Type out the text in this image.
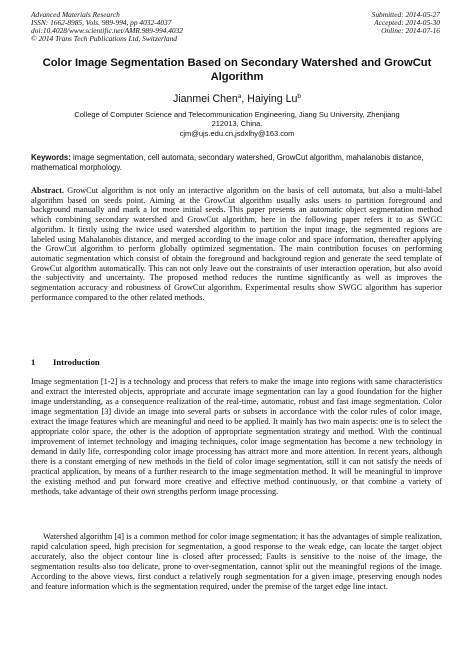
Advanced Materials Research
ISSN: 1662-8985, Vols. 989-994, pp 4032-4037
doi:10.4028/www.scientific.net/AMR.989-994.4032
© 2014 Trans Tech Publications Ltd, Switzerland
Submitted: 2014-05-27
Accepted: 2014-05-30
Online: 2014-07-16
Color Image Segmentation Based on Secondary Watershed and GrowCut Algorithm
Jianmei Chen$^a$, Haiying Lu$^b$
College of Computer Science and Telecommunication Engineering, Jiang Su University, Zhenjiang
212013, China.
cjm@ujs.edu.cn,jsdxlhy@163.com
Keywords: image segmentation, cell automata, secondary watershed, GrowCut algorithm, mahalanobis distance, mathematical morphology.
Abstract. GrowCut algorithm is not only an interactive algorithm on the basis of cell automata, but also a multi-label algorithm based on seeds point. Aiming at the GrowCut algorithm usually asks users to partition foreground and background manually and mark a lot more initial seeds. This paper presents an automatic object segmentation method which combining secondary watershed and GrowCut algorithm, here in the following paper refers it to as SWGC algorithm. It firstly using the twice used watershed algorithm to partition the input image, the segmented regions are labeled using Mahalanobis distance, and merged according to the image color and space information, thereafter applying the GrowCut algorithm to perform globally optimized segmentation. The main contribution focuses on performing automatic segmentation which consist of obtain the foreground and background region and generate the seed template of GrowCut algorithm automatically. This can not only leave out the constraints of user interaction operation, but also avoid the subjectivity and uncertainty. The proposed method reduces the runtime significantly as well as improves the segmentation accuracy and robustness of GrowCut algorithm. Experimental results show SWGC algorithm has superior performance compared to the other related methods.
1 Introduction
Image segmentation [1-2] is a technology and process that refers to make the image into regions with same characteristics and extract the interested objects, appropriate and accurate image segmentation can lay a good foundation for the higher image understanding, as a consequence realization of the real-time, automatic, robust and fast image segmentation. Color image segmentation [3] divide an image into several parts or subsets in accordance with the color rules of color image, extract the image features which are meaningful and need to be applied. It mainly has two main aspects: one is to select the appropriate color space, the other is the adoption of appropriate segmentation strategy and method. With the continual improvement of internet technology and imaging techniques, color image segmentation has become a new technology in demand in daily life, corresponding color image processing has attract more and more attention. In recent years, although there is a constant emerging of new methods in the field of color image segmentation, still it can not satisfy the needs of practical application, by means of a further research to the image segmentation method. It will be meaningful to improve the existing method and put forward more creative and effective method continuously, or that combine a variety of methods, take advantage of their own strengths perform image processing.
Watershed algorithm [4] is a common method for color image segmentation; it has the advantages of simple realization, rapid calculation speed, high precision for segmentation, a good response to the weak edge, can locate the target object accurately, also the object contour line is closed after processed; Faults is sensitive to the noise of the image, the segmentation results also too delicate, prone to over-segmentation, cannot split out the meaningful regions of the image. According to the above views, first conduct a relatively rough segmentation for a given image, preserving enough nodes and feature information which is the segmentation required, under the premise of the target edge line intact.
